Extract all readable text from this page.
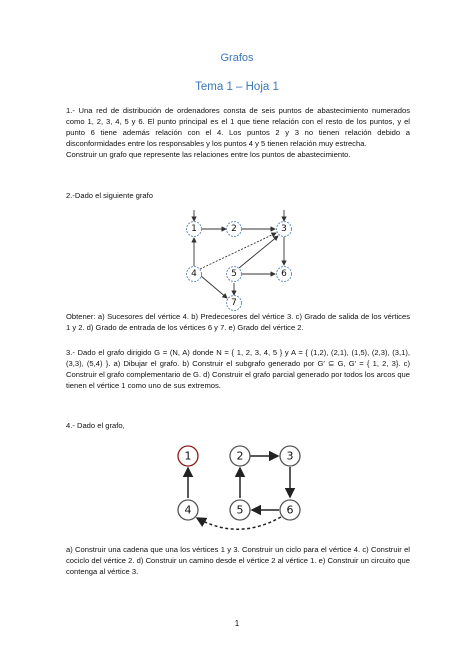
Grafos
Tema 1 – Hoja 1

1.- Una red de distribución de ordenadores consta de seis puntos de abastecimiento numerados como 1, 2, 3, 4, 5 y 6. El punto principal es el 1 que tiene relación con el resto de los puntos, y el punto 6 tiene además relación con el 4. Los puntos 2 y 3 no tienen relación debido a disconformidades entre los responsables y los puntos 4 y 5 tienen relación muy estrecha.

Construir un grafo que represente las relaciones entre los puntos de abastecimiento.

2.-Dado el siguiente grafo

1	2	3
4	5	6
7

Obtener: a) Sucesores del vértice 4. b) Predecesores del vértice 3. c) Grado de salida de los vértices 1 y 2. d) Grado de entrada de los vértices 6 y 7. e) Grado del vértice 2.

3.- Dado el grafo dirigido G = (N, A) donde N = { 1, 2, 3, 4, 5 } y A = { (1,2), (2,1), (1,5), (2,3), (3,1), (3,3), (5,4) }. a) Dibujar el grafo. b) Construir el subgrafo generado por G′ ⊆ G, G′ = { 1, 2, 3}. c) Construir el grafo complementario de G. d) Construir el grafo parcial generado por todos los arcos que tienen el vértice 1 como uno de sus extremos.

4.- Dado el grafo,

1	2	3
4	5	6

a) Construir una cadena que una los vértices 1 y 3. Construir un ciclo para el vértice 4. c) Construir el cociclo del vértice 2. d) Construir un camino desde el vértice 2 al vértice 1. e) Construir un circuito que contenga al vértice 3.

1
